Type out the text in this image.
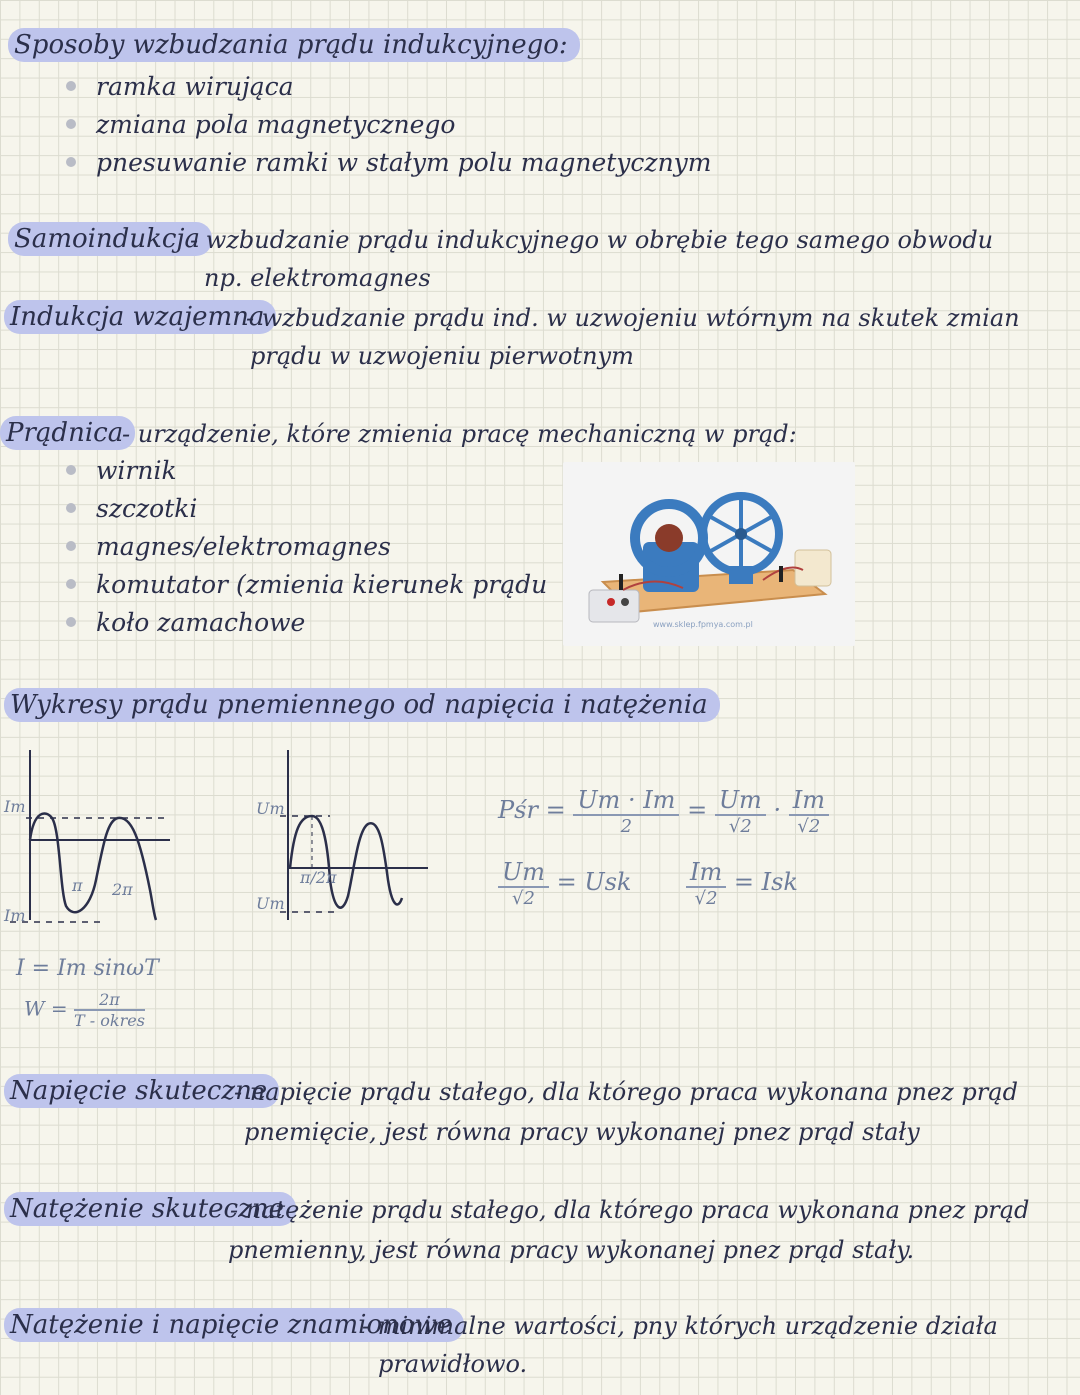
Sposoby wzbudzania prądu indukcyjnego:
ramka wirująca
zmiana pola magnetycznego
pnesuwanie ramki w stałym polu magnetycznym
Samoindukcja
- wzbudzanie prądu indukcyjnego w obrębie tego samego obwodu
np. elektromagnes
Indukcja wzajemna
- wzbudzanie prądu ind. w uzwojeniu wtórnym na skutek zmian
prądu w uzwojeniu pierwotnym
Prądnica
- urządzenie, które zmienia pracę mechaniczną w prąd:
wirnik
szczotki
magnes/elektromagnes
komutator (zmienia kierunek prądu
koło zamachowe	www.sklep.fpmya.com.pl
Wykresy prądu pnemiennego od napięcia i natężenia
Im
Im
π 2π
Um
Um
π/2 π
I = Im sinωT
$W = \frac{2\pi}{\text{T - okres}}$
Pśr = $\frac{Um \cdot Im}{2} = \frac{Um}{√2} \cdot \frac{Im}{√2}$
$\frac{Um}{√2}$ = Usk $\frac{Im}{√2}$ = Isk
Napięcie skuteczne
- napięcie prądu stałego, dla którego praca wykonana pnez prąd
pnemięcie, jest równa pracy wykonanej pnez prąd stały
Natężenie skuteczne
- natężenie prądu stałego, dla którego praca wykonana pnez prąd
pnemienny, jest równa pracy wykonanej pnez prąd stały.
Natężenie i napięcie znamionowe
- minimalne wartości, pny których urządzenie działa
prawidłowo.
